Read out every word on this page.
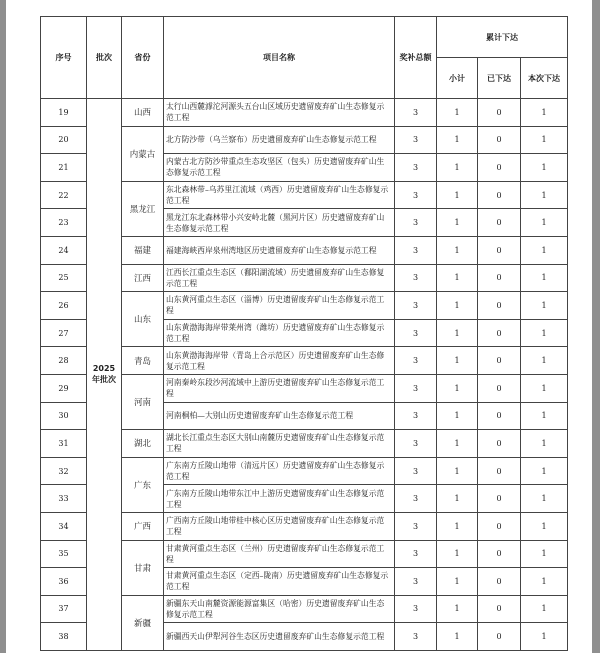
序号	批次	省份	项目名称	奖补总额	累计下达		
					小计	已下达	本次下达
19	2025年批次	山西	太行山西麓滹沱河源头五台山区域历史遗留废弃矿山生态修复示范工程	3	1	0	1
20		内蒙古	北方防沙带（乌兰察布）历史遗留废弃矿山生态修复示范工程	3	1	0	1
21			内蒙古北方防沙带重点生态攻坚区（包头）历史遗留废弃矿山生态修复示范工程	3	1	0	1
22		黑龙江	东北森林带–乌苏里江流域（鸡西）历史遗留废弃矿山生态修复示范工程	3	1	0	1
23			黑龙江东北森林带小兴安岭北麓（黑河片区）历史遗留废弃矿山生态修复示范工程	3	1	0	1
24		福建	福建海峡西岸泉州湾地区历史遗留废弃矿山生态修复示范工程	3	1	0	1
25		江西	江西长江重点生态区（鄱阳湖流域）历史遗留废弃矿山生态修复示范工程	3	1	0	1
26		山东	山东黄河重点生态区（淄博）历史遗留废弃矿山生态修复示范工程	3	1	0	1
27			山东黄渤海海岸带莱州湾（潍坊）历史遗留废弃矿山生态修复示范工程	3	1	0	1
28		青岛	山东黄渤海海岸带（青岛上合示范区）历史遗留废弃矿山生态修复示范工程	3	1	0	1
29		河南	河南秦岭东段沙河流域中上游历史遗留废弃矿山生态修复示范工程	3	1	0	1
30			河南桐柏—大别山历史遗留废弃矿山生态修复示范工程	3	1	0	1
31		湖北	湖北长江重点生态区大别山南麓历史遗留废弃矿山生态修复示范工程	3	1	0	1
32		广东	广东南方丘陵山地带（清远片区）历史遗留废弃矿山生态修复示范工程	3	1	0	1
33			广东南方丘陵山地带东江中上游历史遗留废弃矿山生态修复示范工程	3	1	0	1
34		广西	广西南方丘陵山地带桂中核心区历史遗留废弃矿山生态修复示范工程	3	1	0	1
35		甘肃	甘肃黄河重点生态区（兰州）历史遗留废弃矿山生态修复示范工程	3	1	0	1
36			甘肃黄河重点生态区（定西–陇南）历史遗留废弃矿山生态修复示范工程	3	1	0	1
37		新疆	新疆东天山南麓资源能源富集区（哈密）历史遗留废弃矿山生态修复示范工程	3	1	0	1
38			新疆西天山伊犁河谷生态区历史遗留废弃矿山生态修复示范工程	3	1	0	1
